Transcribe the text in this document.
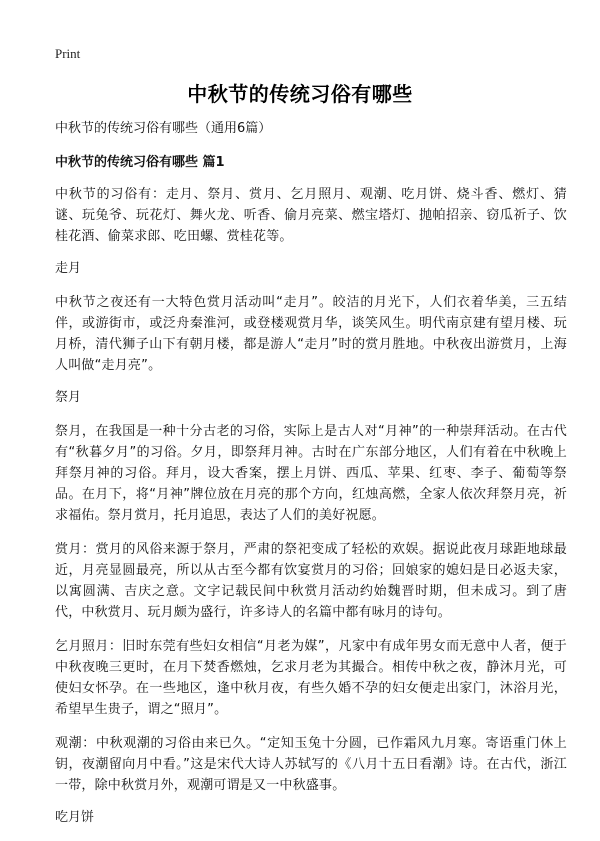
Print
中秋节的传统习俗有哪些

中秋节的传统习俗有哪些（通用6篇）

中秋节的传统习俗有哪些 篇1

中秋节的习俗有：走月、祭月、赏月、乞月照月、观潮、吃月饼、烧斗香、燃灯、猜谜、玩兔爷、玩花灯、舞火龙、听香、偷月亮菜、燃宝塔灯、抛帕招亲、窃瓜祈子、饮桂花酒、偷菜求郎、吃田螺、赏桂花等。

走月

中秋节之夜还有一大特色赏月活动叫“走月”。皎洁的月光下，人们衣着华美，三五结伴，或游街市，或泛舟秦淮河，或登楼观赏月华，谈笑风生。明代南京建有望月楼、玩月桥，清代狮子山下有朝月楼，都是游人“走月”时的赏月胜地。中秋夜出游赏月，上海人叫做“走月亮”。

祭月

祭月，在我国是一种十分古老的习俗，实际上是古人对“月神”的一种崇拜活动。在古代有“秋暮夕月”的习俗。夕月，即祭拜月神。古时在广东部分地区，人们有着在中秋晚上拜祭月神的习俗。拜月，设大香案，摆上月饼、西瓜、苹果、红枣、李子、葡萄等祭品。在月下，将“月神”牌位放在月亮的那个方向，红烛高燃，全家人依次拜祭月亮，祈求福佑。祭月赏月，托月追思，表达了人们的美好祝愿。

赏月：赏月的风俗来源于祭月，严肃的祭祀变成了轻松的欢娱。据说此夜月球距地球最近，月亮显圆最亮，所以从古至今都有饮宴赏月的习俗；回娘家的媳妇是日必返夫家，以寓圆满、吉庆之意。文字记载民间中秋赏月活动约始魏晋时期，但未成习。到了唐代，中秋赏月、玩月颇为盛行，许多诗人的名篇中都有咏月的诗句。

乞月照月：旧时东莞有些妇女相信“月老为媒”，凡家中有成年男女而无意中人者，便于中秋夜晚三更时，在月下焚香燃烛，乞求月老为其撮合。相传中秋之夜，静沐月光，可使妇女怀孕。在一些地区，逢中秋月夜，有些久婚不孕的妇女便走出家门，沐浴月光，希望早生贵子，谓之“照月”。

观潮：中秋观潮的习俗由来已久。“定知玉兔十分圆，已作霜风九月寒。寄语重门休上钥，夜潮留向月中看。”这是宋代大诗人苏轼写的《八月十五日看潮》诗。在古代，浙江一带，除中秋赏月外，观潮可谓是又一中秋盛事。

吃月饼
